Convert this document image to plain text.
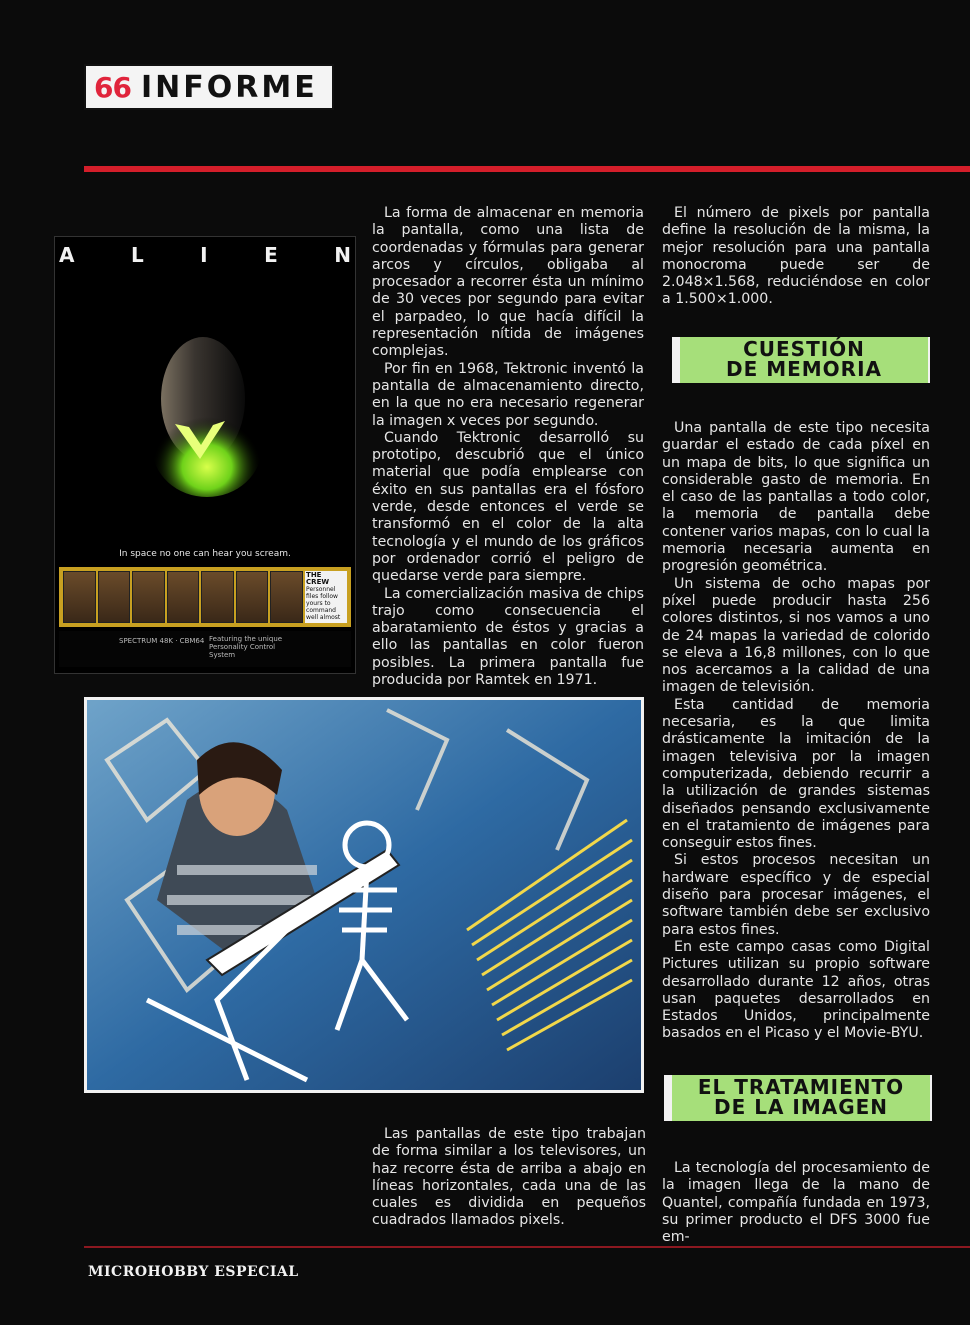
66 INFORME
A	L	I	E	N
In space no one can hear you scream.
THE CREW
Personnel files follow yours to command well almost
SPECTRUM 48K · CBM64 Featuring the unique Personality Control System

La forma de almacenar en memoria la pantalla, como una lista de coordenadas y fórmulas para generar arcos y círculos, obligaba al procesador a recorrer ésta un mínimo de 30 veces por segundo para evitar el parpadeo, lo que hacía difícil la representación nítida de imágenes complejas.

Por fin en 1968, Tektronic inventó la pantalla de almacenamiento directo, en la que no era necesario regenerar la imagen x veces por segundo.

Cuando Tektronic desarrolló su prototipo, descubrió que el único material que podía emplearse con éxito en sus pantallas era el fósforo verde, desde entonces el verde se transformó en el color de la alta tecnología y el mundo de los gráficos por ordenador corrió el peligro de quedarse verde para siempre.

La comercialización masiva de chips trajo como consecuencia el abaratamiento de éstos y gracias a ello las pantallas en color fueron posibles. La primera pantalla fue producida por Ramtek en 1971.

El número de pixels por pantalla define la resolución de la misma, la mejor resolución para una pantalla monocroma puede ser de 2.048×1.568, reduciéndose en color a 1.500×1.000.

CUESTIÓN
DE MEMORIA

Una pantalla de este tipo necesita guardar el estado de cada píxel en un mapa de bits, lo que significa un considerable gasto de memoria. En el caso de las pantallas a todo color, la memoria de pantalla debe contener varios mapas, con lo cual la memoria necesaria aumenta en progresión geométrica.

Un sistema de ocho mapas por píxel puede producir hasta 256 colores distintos, si nos vamos a uno de 24 mapas la variedad de colorido se eleva a 16,8 millones, con lo que nos acercamos a la calidad de una imagen de televisión.

Esta cantidad de memoria necesaria, es la que limita drásticamente la imitación de la imagen televisiva por la imagen computerizada, debiendo recurrir a la utilización de grandes sistemas diseñados pensando exclusivamente en el tratamiento de imágenes para conseguir estos fines.

Si estos procesos necesitan un hardware específico y de especial diseño para procesar imágenes, el software también debe ser exclusivo para estos fines.

En este campo casas como Digital Pictures utilizan su propio software desarrollado durante 12 años, otras usan paquetes desarrollados en Estados Unidos, principalmente basados en el Picaso y el Movie-BYU.

EL TRATAMIENTO
DE LA IMAGEN

La tecnología del procesamiento de la imagen llega de la mano de Quantel, compañía fundada en 1973, su primer producto el DFS 3000 fue em-

Las pantallas de este tipo trabajan de forma similar a los televisores, un haz recorre ésta de arriba a abajo en líneas horizontales, cada una de las cuales es dividida en pequeños cuadrados llamados pixels.

MICROHOBBY ESPECIAL
